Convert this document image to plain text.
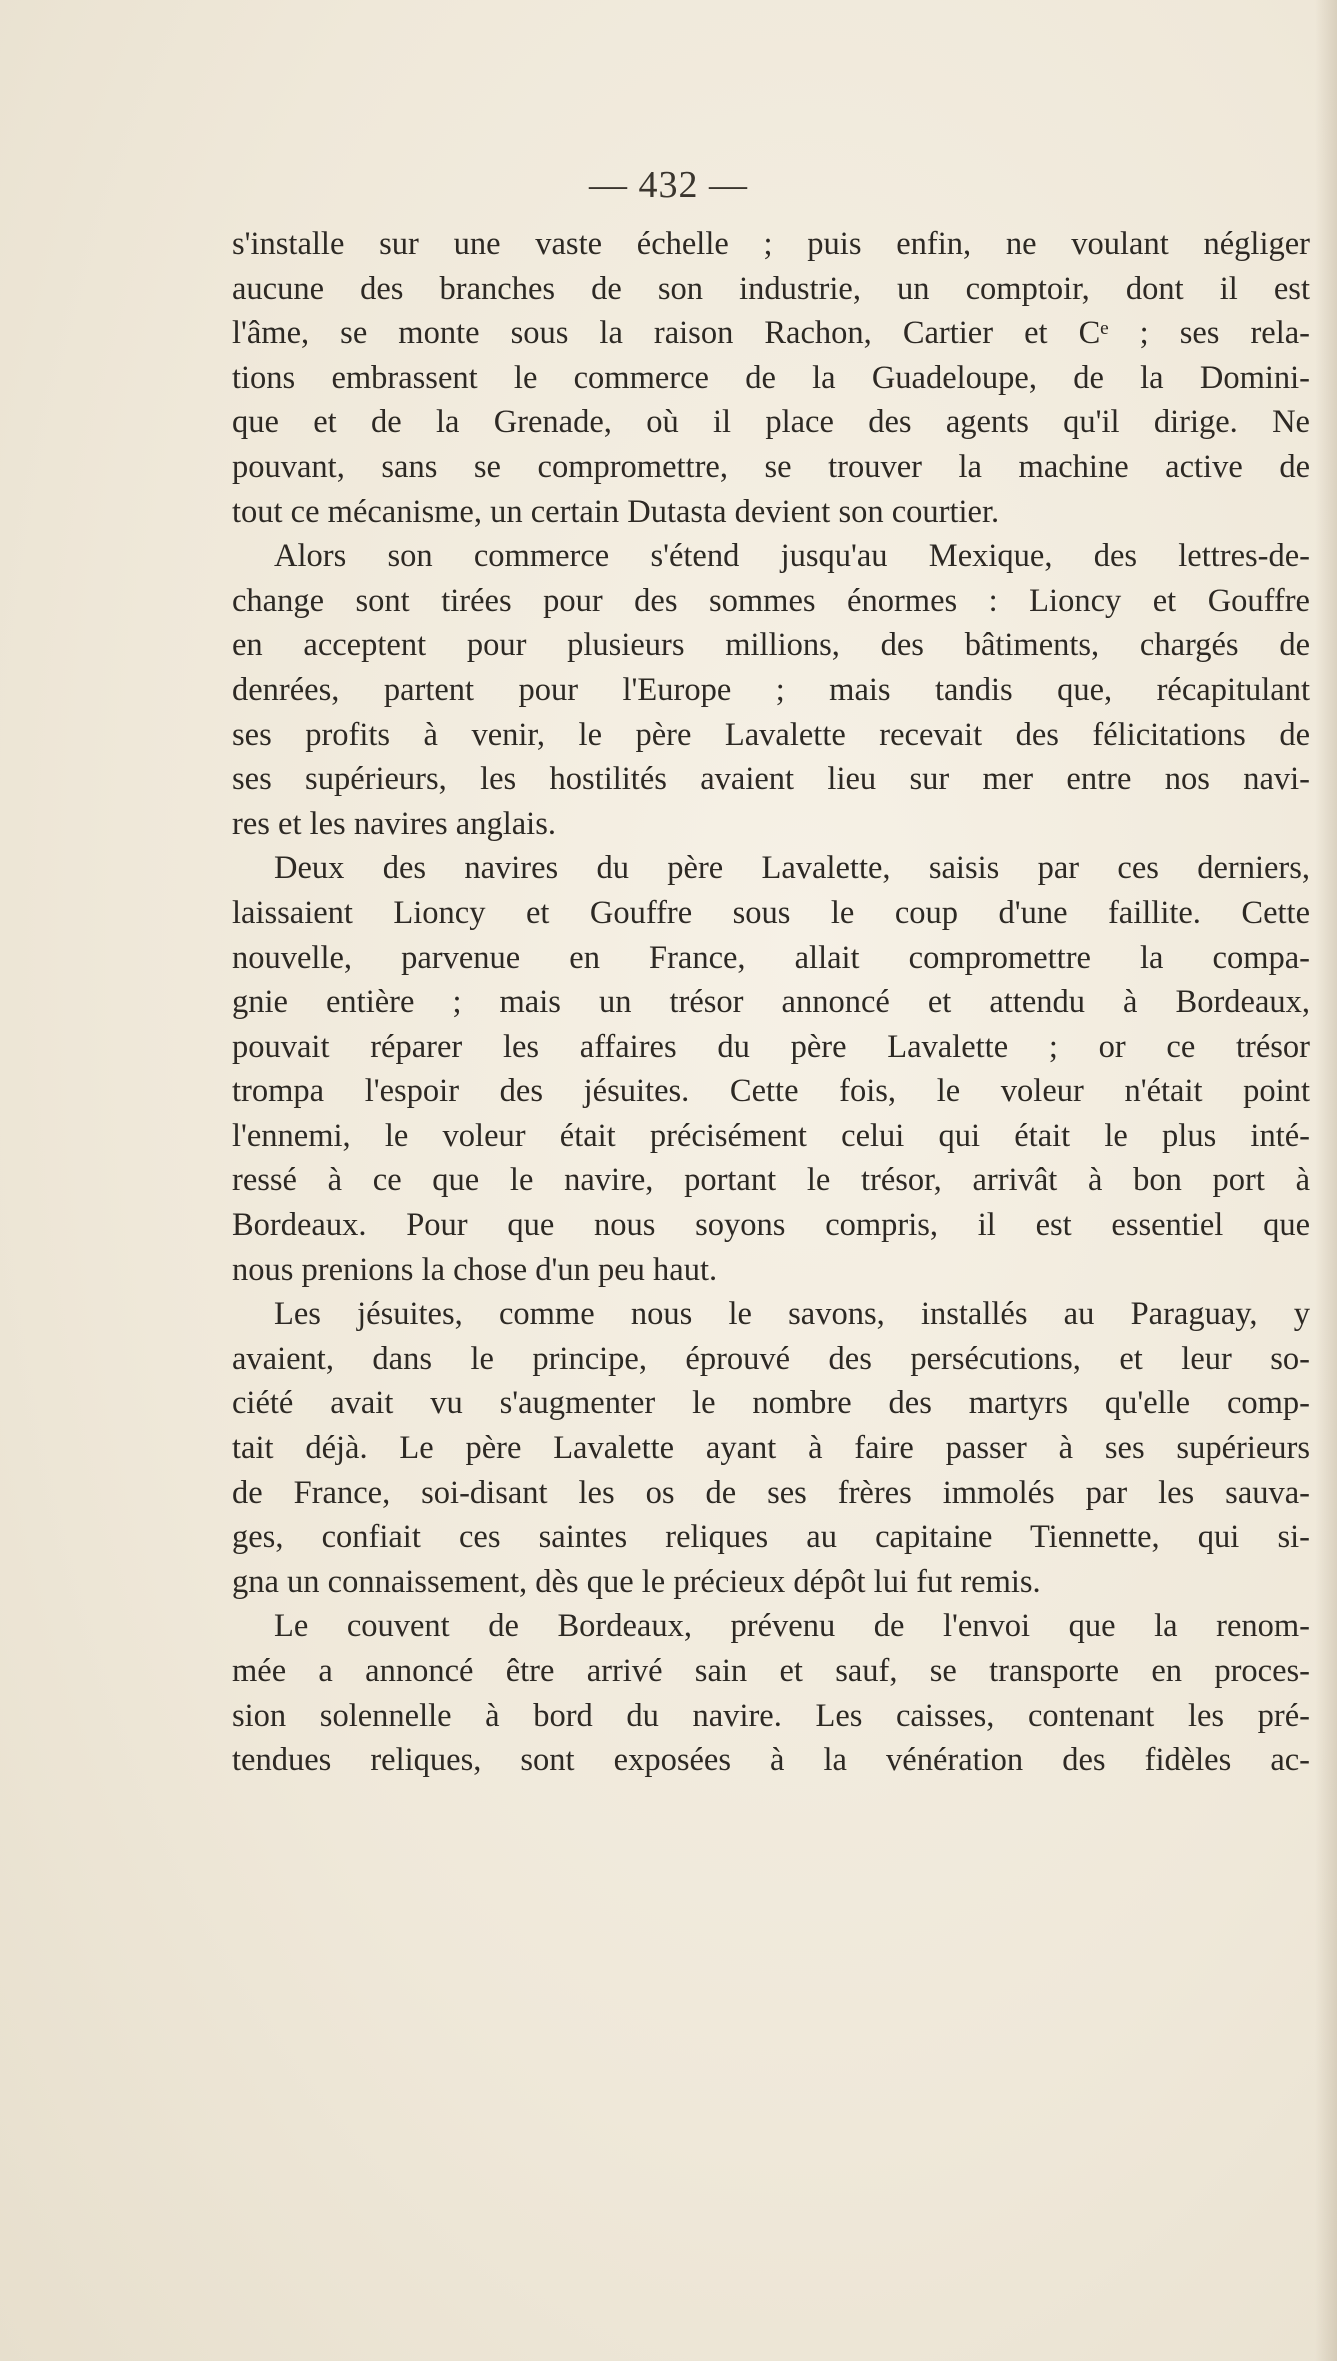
— 432 —

s'installe sur une vaste échelle ; puis enfin, ne voulant négliger
aucune des branches de son industrie, un comptoir, dont il est
l'âme, se monte sous la raison Rachon, Cartier et Cᵉ ; ses rela-
tions embrassent le commerce de la Guadeloupe, de la Domini-
que et de la Grenade, où il place des agents qu'il dirige. Ne
pouvant, sans se compromettre, se trouver la machine active de
tout ce mécanisme, un certain Dutasta devient son courtier.

Alors son commerce s'étend jusqu'au Mexique, des lettres-de-
change sont tirées pour des sommes énormes : Lioncy et Gouffre
en acceptent pour plusieurs millions, des bâtiments, chargés de
denrées, partent pour l'Europe ; mais tandis que, récapitulant
ses profits à venir, le père Lavalette recevait des félicitations de
ses supérieurs, les hostilités avaient lieu sur mer entre nos navi-
res et les navires anglais.

Deux des navires du père Lavalette, saisis par ces derniers,
laissaient Lioncy et Gouffre sous le coup d'une faillite. Cette
nouvelle, parvenue en France, allait compromettre la compa-
gnie entière ; mais un trésor annoncé et attendu à Bordeaux,
pouvait réparer les affaires du père Lavalette ; or ce trésor
trompa l'espoir des jésuites. Cette fois, le voleur n'était point
l'ennemi, le voleur était précisément celui qui était le plus inté-
ressé à ce que le navire, portant le trésor, arrivât à bon port à
Bordeaux. Pour que nous soyons compris, il est essentiel que
nous prenions la chose d'un peu haut.

Les jésuites, comme nous le savons, installés au Paraguay, y
avaient, dans le principe, éprouvé des persécutions, et leur so-
ciété avait vu s'augmenter le nombre des martyrs qu'elle comp-
tait déjà. Le père Lavalette ayant à faire passer à ses supérieurs
de France, soi-disant les os de ses frères immolés par les sauva-
ges, confiait ces saintes reliques au capitaine Tiennette, qui si-
gna un connaissement, dès que le précieux dépôt lui fut remis.

Le couvent de Bordeaux, prévenu de l'envoi que la renom-
mée a annoncé être arrivé sain et sauf, se transporte en proces-
sion solennelle à bord du navire. Les caisses, contenant les pré-
tendues reliques, sont exposées à la vénération des fidèles ac-
